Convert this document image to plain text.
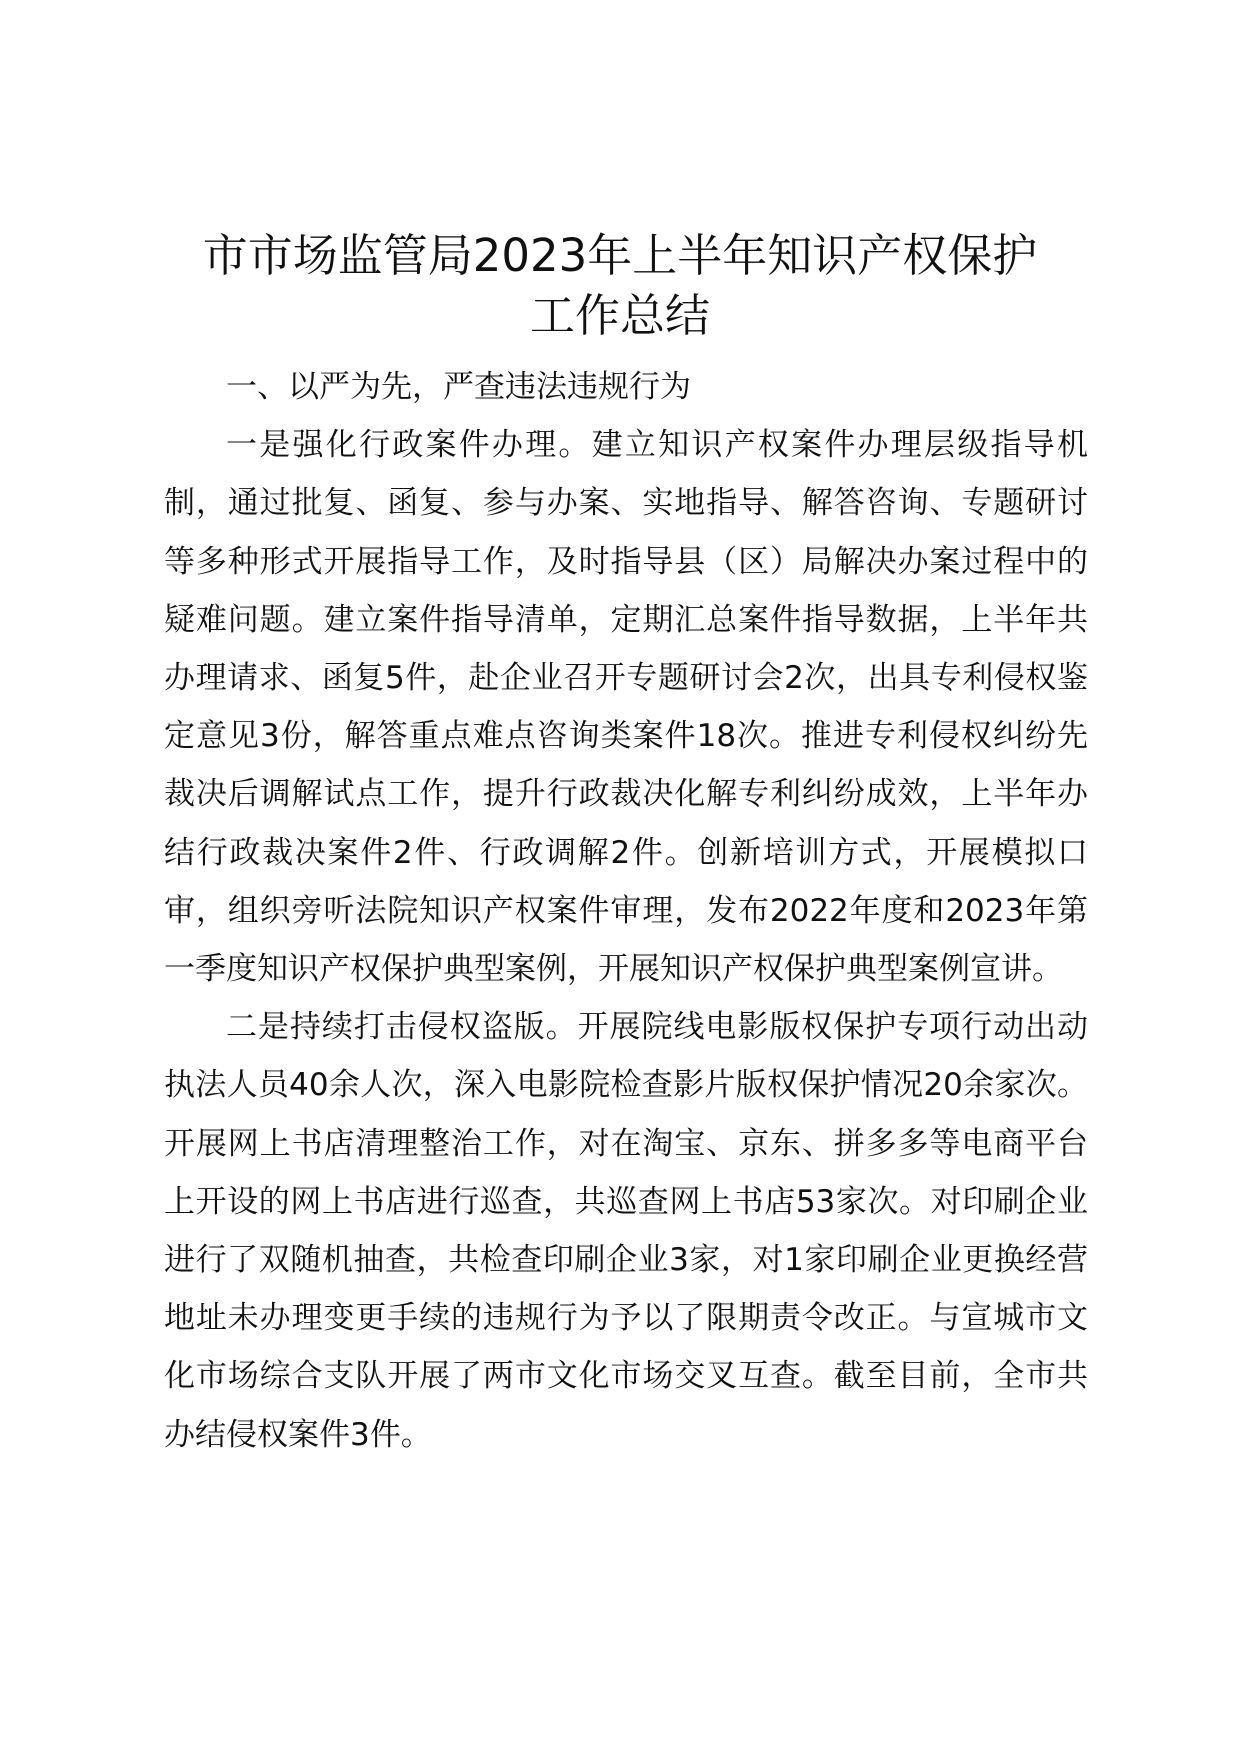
市市场监管局2023年上半年知识产权保护
工作总结

一、以严为先，严查违法违规行为

一是强化行政案件办理。建立知识产权案件办理层级指导机制，通过批复、函复、参与办案、实地指导、解答咨询、专题研讨等多种形式开展指导工作，及时指导县（区）局解决办案过程中的疑难问题。建立案件指导清单，定期汇总案件指导数据，上半年共办理请求、函复5件，赴企业召开专题研讨会2次，出具专利侵权鉴定意见3份，解答重点难点咨询类案件18次。推进专利侵权纠纷先裁决后调解试点工作，提升行政裁决化解专利纠纷成效，上半年办结行政裁决案件2件、行政调解2件。创新培训方式，开展模拟口审，组织旁听法院知识产权案件审理，发布2022年度和2023年第一季度知识产权保护典型案例，开展知识产权保护典型案例宣讲。

二是持续打击侵权盗版。开展院线电影版权保护专项行动出动执法人员40余人次，深入电影院检查影片版权保护情况20余家次。开展网上书店清理整治工作，对在淘宝、京东、拼多多等电商平台上开设的网上书店进行巡查，共巡查网上书店53家次。对印刷企业进行了双随机抽查，共检查印刷企业3家，对1家印刷企业更换经营地址未办理变更手续的违规行为予以了限期责令改正。与宣城市文化市场综合支队开展了两市文化市场交叉互查。截至目前，全市共办结侵权案件3件。
